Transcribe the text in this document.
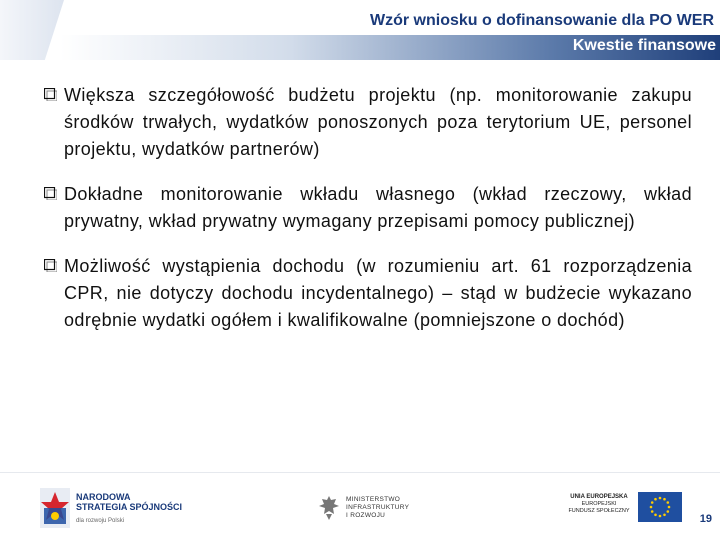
Wzór wniosku o dofinansowanie dla PO WER
Kwestie finansowe
Większa szczegółowość budżetu projektu (np. monitorowanie zakupu środków trwałych, wydatków ponoszonych poza terytorium UE, personel projektu, wydatków partnerów)
Dokładne monitorowanie wkładu własnego (wkład rzeczowy, wkład prywatny, wkład prywatny wymagany przepisami pomocy publicznej)
Możliwość wystąpienia dochodu (w rozumieniu art. 61 rozporządzenia CPR, nie dotyczy dochodu incydentalnego) – stąd w budżecie wykazano odrębnie wydatki ogółem i kwalifikowalne (pomniejszone o dochód)
NARODOWA
STRATEGIA SPÓJNOŚCI
dla rozwoju Polski
MINISTERSTWO
INFRASTRUKTURY
I ROZWOJU
UNIA EUROPEJSKA
EUROPEJSKI
FUNDUSZ SPOŁECZNY
19
